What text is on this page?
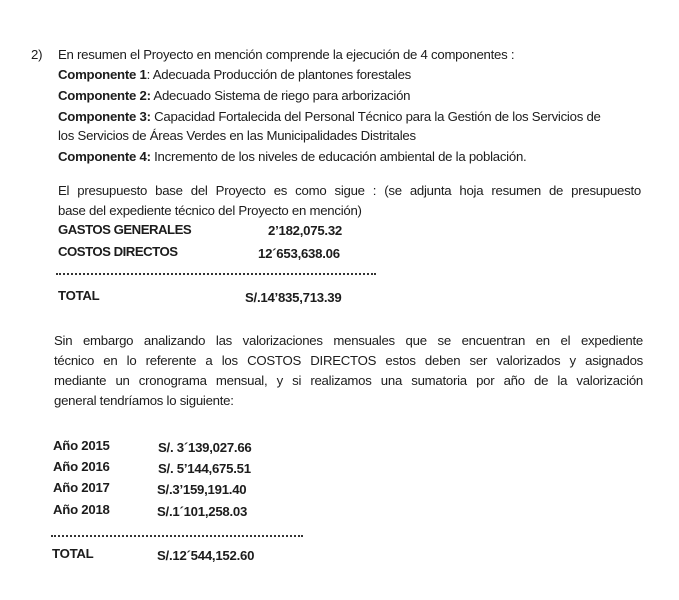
2) En resumen el Proyecto en mención comprende la ejecución de 4 componentes :
Componente 1: Adecuada Producción de plantones forestales
Componente 2: Adecuado Sistema de riego para arborización
Componente 3: Capacidad Fortalecida del Personal Técnico para la Gestión de los Servicios de
los Servicios de Áreas Verdes en las Municipalidades Distritales
Componente 4: Incremento de los niveles de educación ambiental de la población.
El presupuesto base del Proyecto es como sigue : (se adjunta hoja resumen de presupuesto
base del expediente técnico del Proyecto en mención)
GASTOS GENERALES	2’182,075.32
COSTOS DIRECTOS	12´653,638.06
TOTAL	S/.14’835,713.39
Sin embargo analizando las valorizaciones mensuales que se encuentran en el expediente
técnico en lo referente a los COSTOS DIRECTOS estos deben ser valorizados y asignados
mediante un cronograma mensual, y si realizamos una sumatoria por año de la valorización
general tendríamos lo siguiente:
Año 2015	S/. 3´139,027.66
Año 2016	S/. 5’144,675.51
Año 2017	S/.3’159,191.40
Año 2018	S/.1´101,258.03
TOTAL	S/.12´544,152.60
